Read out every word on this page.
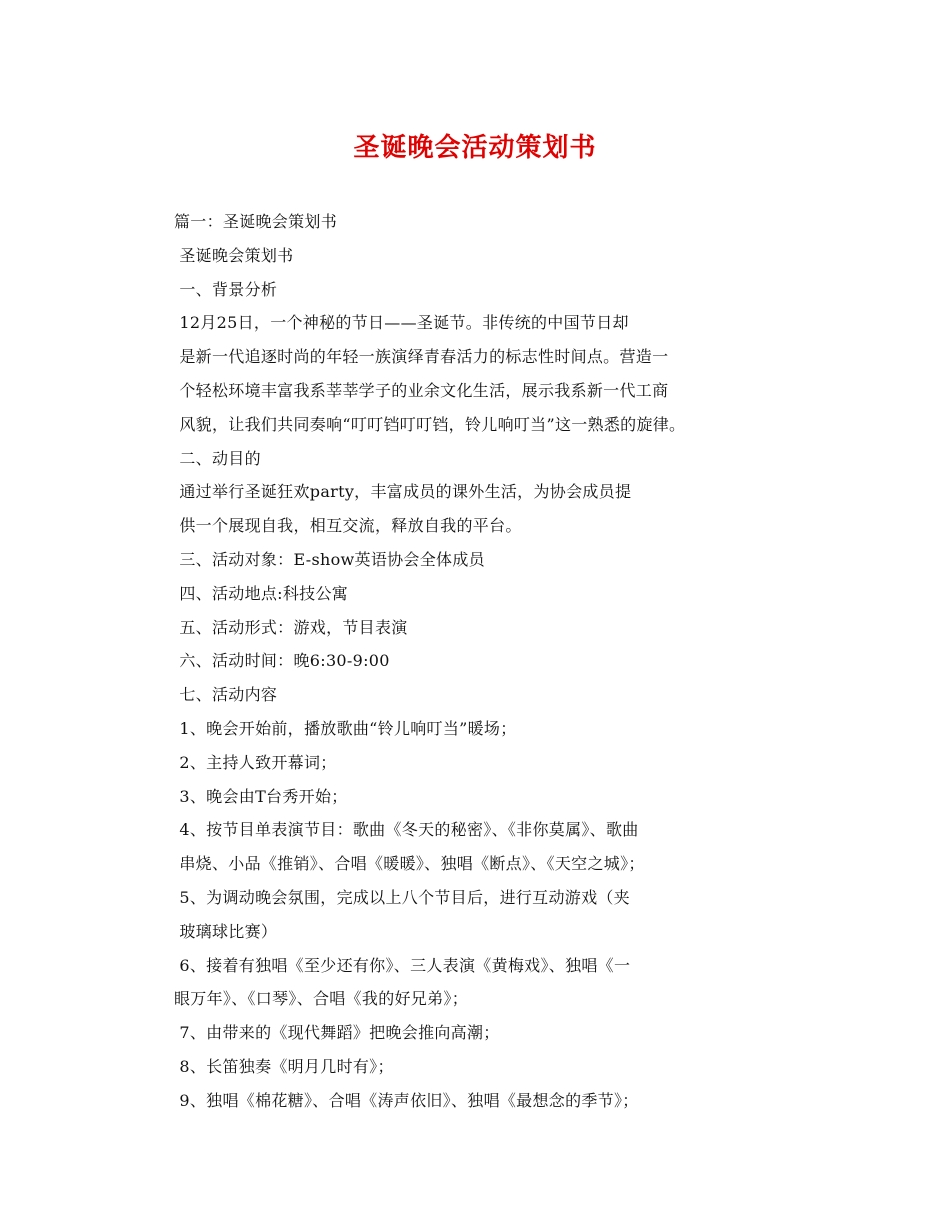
圣诞晚会活动策划书
篇一：圣诞晚会策划书
圣诞晚会策划书
一、背景分析
12月25日，一个神秘的节日——圣诞节。非传统的中国节日却
是新一代追逐时尚的年轻一族演绎青春活力的标志性时间点。营造一
个轻松环境丰富我系莘莘学子的业余文化生活，展示我系新一代工商
风貌，让我们共同奏响“叮叮铛叮叮铛，铃儿响叮当”这一熟悉的旋律。
二、动目的
通过举行圣诞狂欢party，丰富成员的课外生活，为协会成员提
供一个展现自我，相互交流，释放自我的平台。
三、活动对象：E-show英语协会全体成员
四、活动地点:科技公寓
五、活动形式：游戏，节目表演
六、活动时间：晚6:30-9:00
七、活动内容
1、晚会开始前，播放歌曲“铃儿响叮当”暖场；
2、主持人致开幕词；
3、晚会由T台秀开始；
4、按节目单表演节目：歌曲《冬天的秘密》、《非你莫属》、歌曲
串烧、小品《推销》、合唱《暖暖》、独唱《断点》、《天空之城》；
5、为调动晚会氛围，完成以上八个节目后，进行互动游戏（夹
玻璃球比赛）
6、接着有独唱《至少还有你》、三人表演《黄梅戏》、独唱《一
眼万年》、《口琴》、合唱《我的好兄弟》；
7、由带来的《现代舞蹈》把晚会推向高潮；
8、长笛独奏《明月几时有》；
9、独唱《棉花糖》、合唱《涛声依旧》、独唱《最想念的季节》；
